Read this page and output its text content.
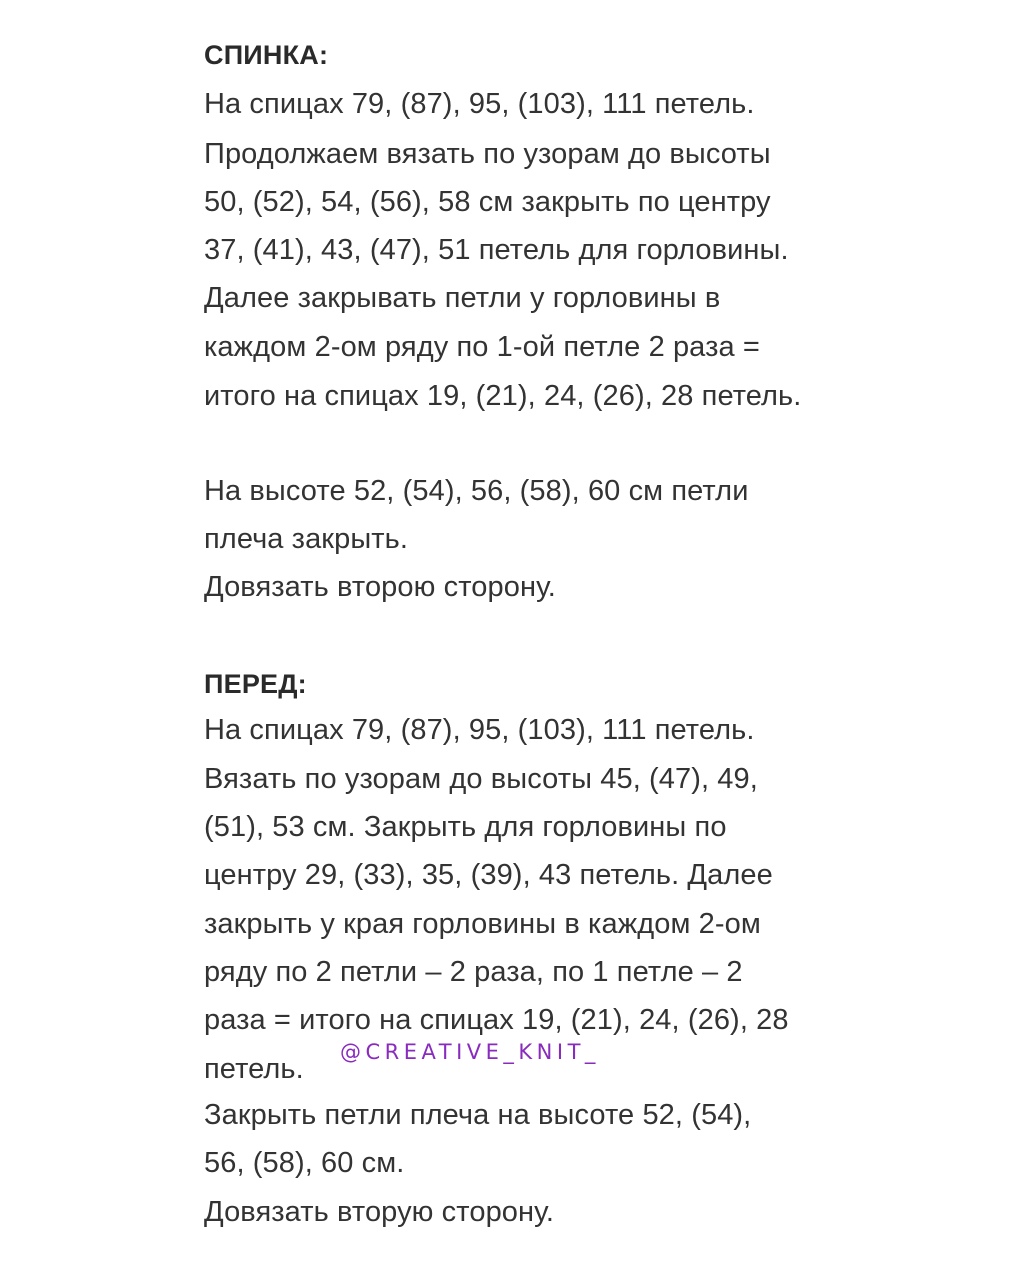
СПИНКА:
На спицах 79, (87), 95, (103), 111 петель.
Продолжаем вязать по узорам до высоты
50, (52), 54, (56), 58 см закрыть по центру
37, (41), 43, (47), 51 петель для горловины.
Далее закрывать петли у горловины в
каждом 2-ом ряду по 1-ой петле 2 раза =
итого на спицах 19, (21), 24, (26), 28 петель.
На высоте 52, (54), 56, (58), 60 см петли
плеча закрыть.
Довязать второю сторону.
ПЕРЕД:
На спицах 79, (87), 95, (103), 111 петель.
Вязать по узорам до высоты 45, (47), 49,
(51), 53 см. Закрыть для горловины по
центру 29, (33), 35, (39), 43 петель. Далее
закрыть у края горловины в каждом 2-ом
ряду по 2 петли – 2 раза, по 1 петле – 2
раза = итого на спицах 19, (21), 24, (26), 28
петель.
Закрыть петли плеча на высоте 52, (54),
56, (58), 60 см.
Довязать вторую сторону.
@CREATIVE_KNIT_
